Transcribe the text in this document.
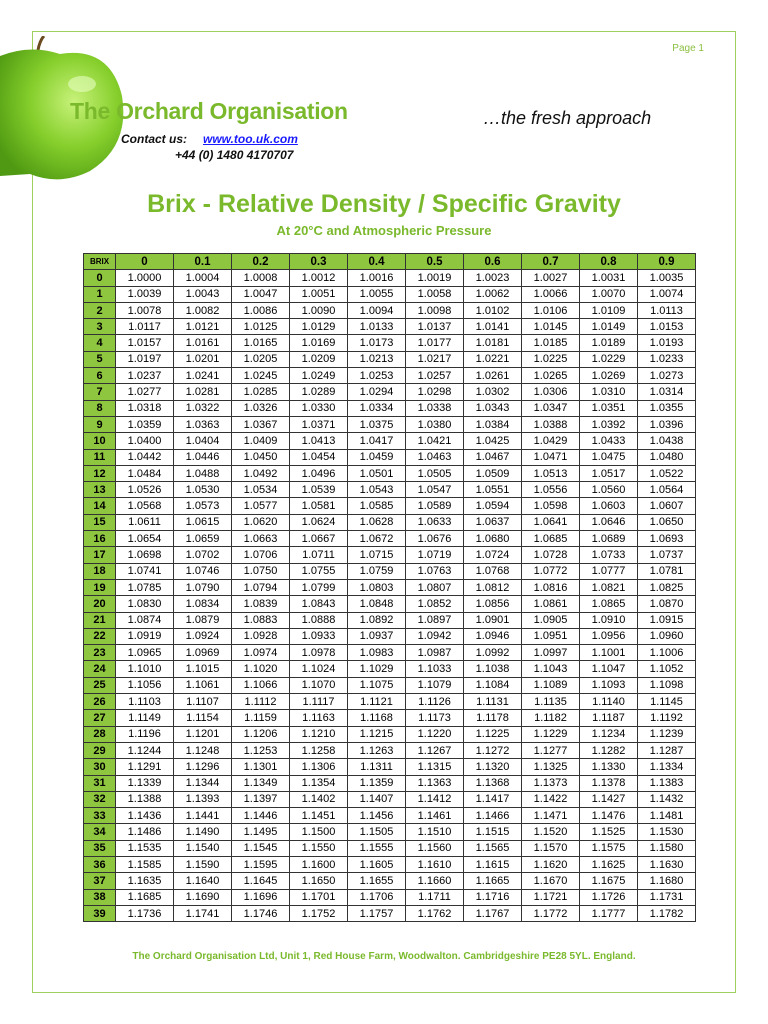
Page 1
The Orchard Organisation
Contact us: www.too.uk.com
+44 (0) 1480 4170707
…the fresh approach
Brix - Relative Density / Specific Gravity
At 20°C and Atmospheric Pressure
BRIX	0	0.1	0.2	0.3	0.4	0.5	0.6	0.7	0.8	0.9
0	1.0000	1.0004	1.0008	1.0012	1.0016	1.0019	1.0023	1.0027	1.0031	1.0035
1	1.0039	1.0043	1.0047	1.0051	1.0055	1.0058	1.0062	1.0066	1.0070	1.0074
2	1.0078	1.0082	1.0086	1.0090	1.0094	1.0098	1.0102	1.0106	1.0109	1.0113
3	1.0117	1.0121	1.0125	1.0129	1.0133	1.0137	1.0141	1.0145	1.0149	1.0153
4	1.0157	1.0161	1.0165	1.0169	1.0173	1.0177	1.0181	1.0185	1.0189	1.0193
5	1.0197	1.0201	1.0205	1.0209	1.0213	1.0217	1.0221	1.0225	1.0229	1.0233
6	1.0237	1.0241	1.0245	1.0249	1.0253	1.0257	1.0261	1.0265	1.0269	1.0273
7	1.0277	1.0281	1.0285	1.0289	1.0294	1.0298	1.0302	1.0306	1.0310	1.0314
8	1.0318	1.0322	1.0326	1.0330	1.0334	1.0338	1.0343	1.0347	1.0351	1.0355
9	1.0359	1.0363	1.0367	1.0371	1.0375	1.0380	1.0384	1.0388	1.0392	1.0396
10	1.0400	1.0404	1.0409	1.0413	1.0417	1.0421	1.0425	1.0429	1.0433	1.0438
11	1.0442	1.0446	1.0450	1.0454	1.0459	1.0463	1.0467	1.0471	1.0475	1.0480
12	1.0484	1.0488	1.0492	1.0496	1.0501	1.0505	1.0509	1.0513	1.0517	1.0522
13	1.0526	1.0530	1.0534	1.0539	1.0543	1.0547	1.0551	1.0556	1.0560	1.0564
14	1.0568	1.0573	1.0577	1.0581	1.0585	1.0589	1.0594	1.0598	1.0603	1.0607
15	1.0611	1.0615	1.0620	1.0624	1.0628	1.0633	1.0637	1.0641	1.0646	1.0650
16	1.0654	1.0659	1.0663	1.0667	1.0672	1.0676	1.0680	1.0685	1.0689	1.0693
17	1.0698	1.0702	1.0706	1.0711	1.0715	1.0719	1.0724	1.0728	1.0733	1.0737
18	1.0741	1.0746	1.0750	1.0755	1.0759	1.0763	1.0768	1.0772	1.0777	1.0781
19	1.0785	1.0790	1.0794	1.0799	1.0803	1.0807	1.0812	1.0816	1.0821	1.0825
20	1.0830	1.0834	1.0839	1.0843	1.0848	1.0852	1.0856	1.0861	1.0865	1.0870
21	1.0874	1.0879	1.0883	1.0888	1.0892	1.0897	1.0901	1.0905	1.0910	1.0915
22	1.0919	1.0924	1.0928	1.0933	1.0937	1.0942	1.0946	1.0951	1.0956	1.0960
23	1.0965	1.0969	1.0974	1.0978	1.0983	1.0987	1.0992	1.0997	1.1001	1.1006
24	1.1010	1.1015	1.1020	1.1024	1.1029	1.1033	1.1038	1.1043	1.1047	1.1052
25	1.1056	1.1061	1.1066	1.1070	1.1075	1.1079	1.1084	1.1089	1.1093	1.1098
26	1.1103	1.1107	1.1112	1.1117	1.1121	1.1126	1.1131	1.1135	1.1140	1.1145
27	1.1149	1.1154	1.1159	1.1163	1.1168	1.1173	1.1178	1.1182	1.1187	1.1192
28	1.1196	1.1201	1.1206	1.1210	1.1215	1.1220	1.1225	1.1229	1.1234	1.1239
29	1.1244	1.1248	1.1253	1.1258	1.1263	1.1267	1.1272	1.1277	1.1282	1.1287
30	1.1291	1.1296	1.1301	1.1306	1.1311	1.1315	1.1320	1.1325	1.1330	1.1334
31	1.1339	1.1344	1.1349	1.1354	1.1359	1.1363	1.1368	1.1373	1.1378	1.1383
32	1.1388	1.1393	1.1397	1.1402	1.1407	1.1412	1.1417	1.1422	1.1427	1.1432
33	1.1436	1.1441	1.1446	1.1451	1.1456	1.1461	1.1466	1.1471	1.1476	1.1481
34	1.1486	1.1490	1.1495	1.1500	1.1505	1.1510	1.1515	1.1520	1.1525	1.1530
35	1.1535	1.1540	1.1545	1.1550	1.1555	1.1560	1.1565	1.1570	1.1575	1.1580
36	1.1585	1.1590	1.1595	1.1600	1.1605	1.1610	1.1615	1.1620	1.1625	1.1630
37	1.1635	1.1640	1.1645	1.1650	1.1655	1.1660	1.1665	1.1670	1.1675	1.1680
38	1.1685	1.1690	1.1696	1.1701	1.1706	1.1711	1.1716	1.1721	1.1726	1.1731
39	1.1736	1.1741	1.1746	1.1752	1.1757	1.1762	1.1767	1.1772	1.1777	1.1782
The Orchard Organisation Ltd, Unit 1, Red House Farm, Woodwalton. Cambridgeshire PE28 5YL. England.
